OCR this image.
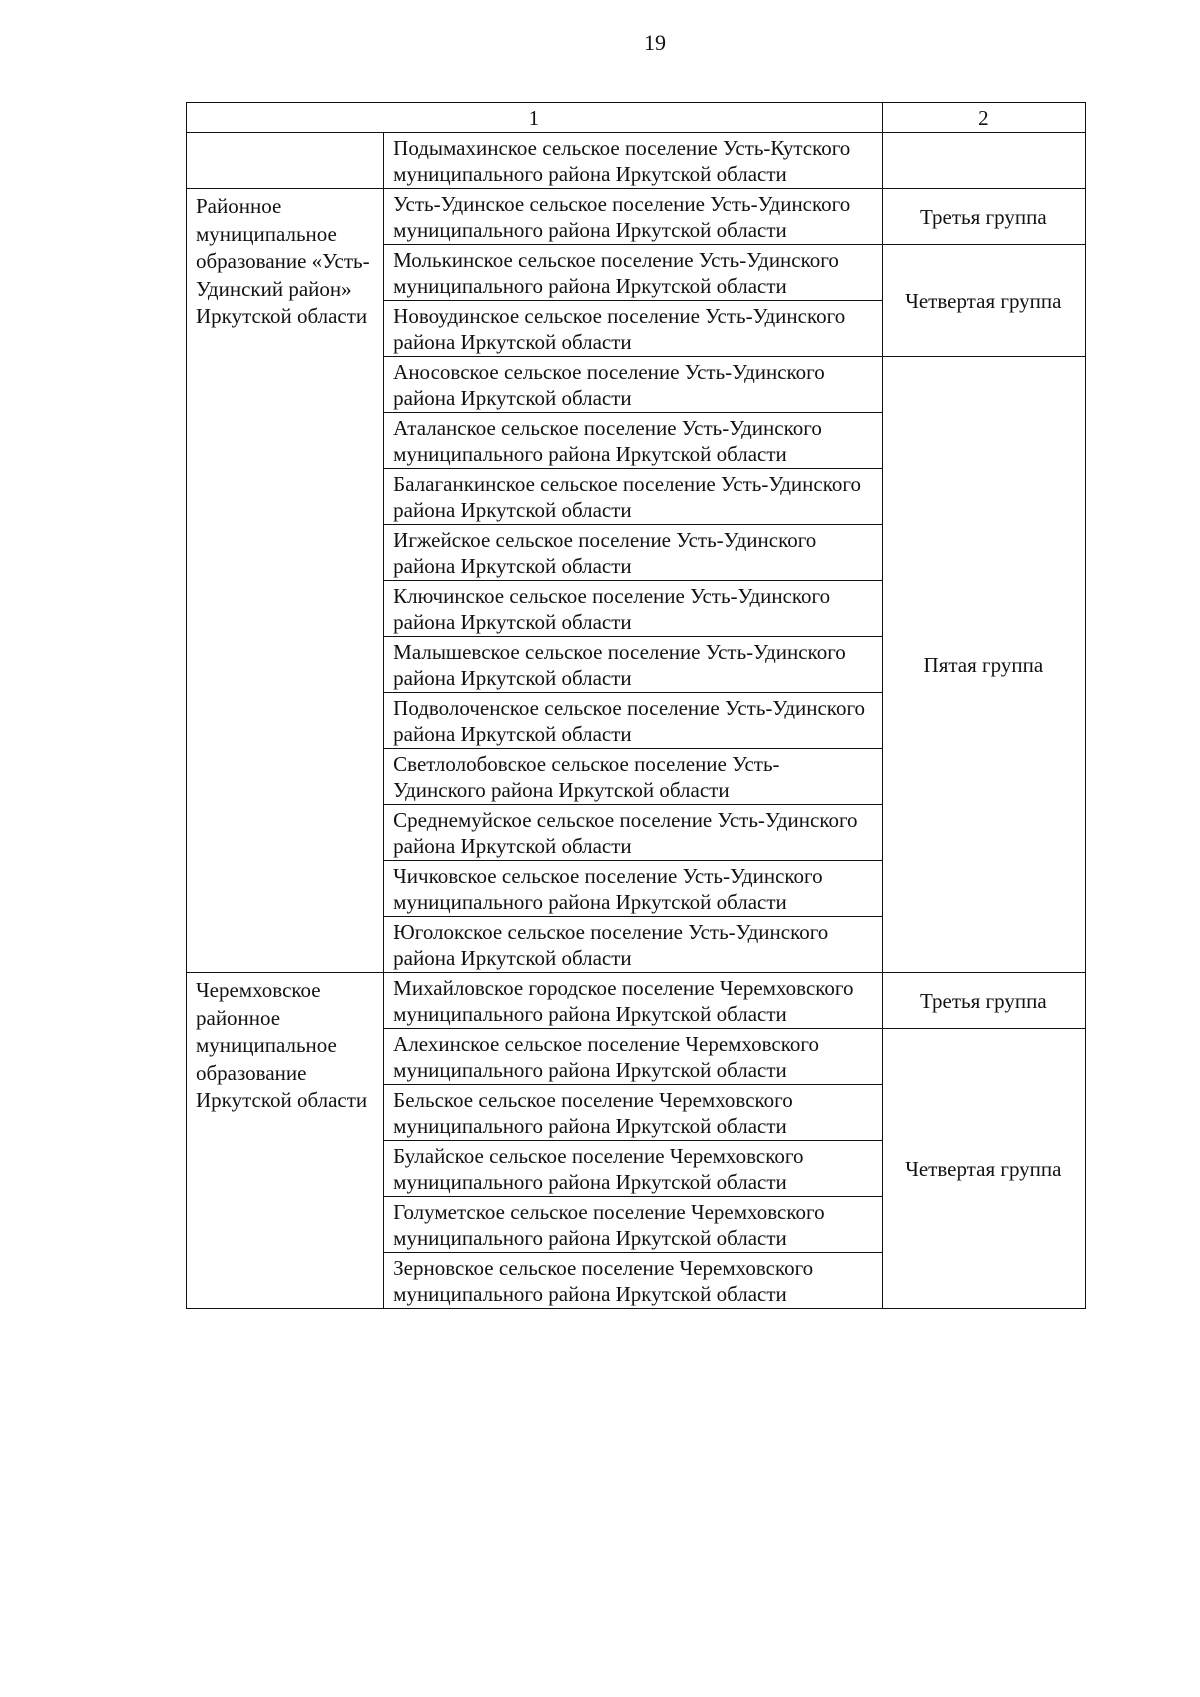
19
1		2
	Подымахинское сельское поселение Усть-Кутского муниципального района Иркутской области	
Районное муниципальное образование «Усть-Удинский район» Иркутской области	Усть-Удинское сельское поселение Усть-Удинского муниципального района Иркутской области	Третья группа
	Молькинское сельское поселение Усть-Удинского муниципального района Иркутской области	Четвертая группа
	Новоудинское сельское поселение Усть-Удинского района Иркутской области	
	Аносовское сельское поселение Усть-Удинского района Иркутской области	Пятая группа
	Аталанское сельское поселение Усть-Удинского муниципального района Иркутской области	
	Балаганкинское сельское поселение Усть-Удинского района Иркутской области	
	Игжейское сельское поселение Усть-Удинского района Иркутской области	
	Ключинское сельское поселение Усть-Удинского района Иркутской области	
	Малышевское сельское поселение Усть-Удинского района Иркутской области	
	Подволоченское сельское поселение Усть-Удинского района Иркутской области	
	Светлолобовское сельское поселение Усть-Удинского района Иркутской области	
	Среднемуйское сельское поселение Усть-Удинского района Иркутской области	
	Чичковское сельское поселение Усть-Удинского муниципального района Иркутской области	
	Юголокское сельское поселение Усть-Удинского района Иркутской области	
Черемховское районное муниципальное образование Иркутской области	Михайловское городское поселение Черемховского муниципального района Иркутской области	Третья группа
	Алехинское сельское поселение Черемховского муниципального района Иркутской области	Четвертая группа
	Бельское сельское поселение Черемховского муниципального района Иркутской области	
	Булайское сельское поселение Черемховского муниципального района Иркутской области	
	Голуметское сельское поселение Черемховского муниципального района Иркутской области	
	Зерновское сельское поселение Черемховского муниципального района Иркутской области	
